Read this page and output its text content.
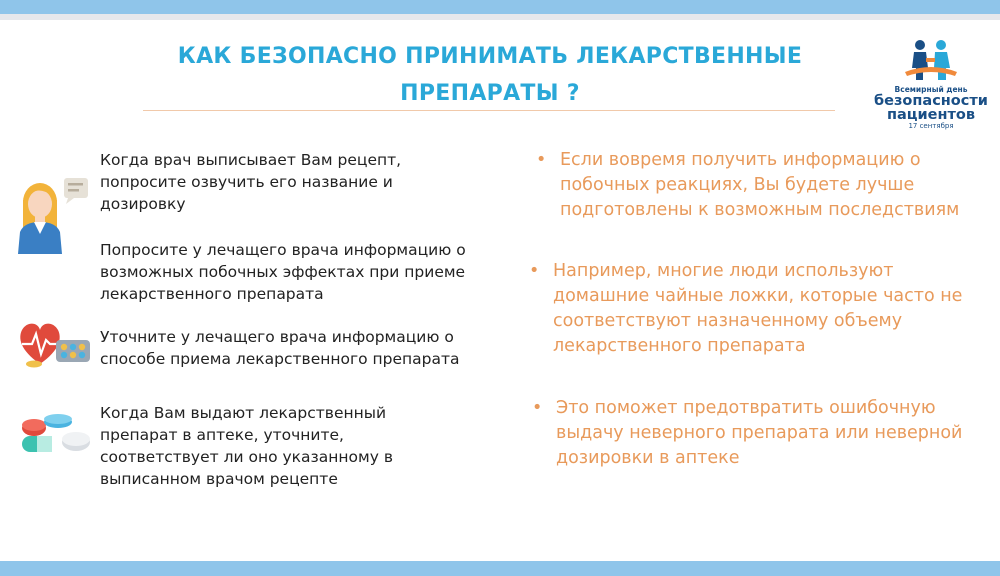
КАК БЕЗОПАСНО ПРИНИМАТЬ ЛЕКАРСТВЕННЫЕ
ПРЕПАРАТЫ ?	Всемирный день
безопасности
пациентов
17 сентября
Когда врач выписывает Вам рецепт, попросите озвучить его название и дозировку
Попросите у лечащего врача информацию о возможных побочных эффектах при приеме лекарственного препарата
Уточните у лечащего врача информацию о способе приема лекарственного препарата
Когда Вам выдают лекарственный препарат в аптеке, уточните, соответствует ли оно указанному в выписанном врачом рецепте
• Если вовремя получить информацию о побочных реакциях, Вы будете лучше подготовлены к возможным последствиям
• Например, многие люди используют домашние чайные ложки, которые часто не соответствуют назначенному объему лекарственного препарата
• Это поможет предотвратить ошибочную выдачу неверного препарата или неверной дозировки в аптеке
